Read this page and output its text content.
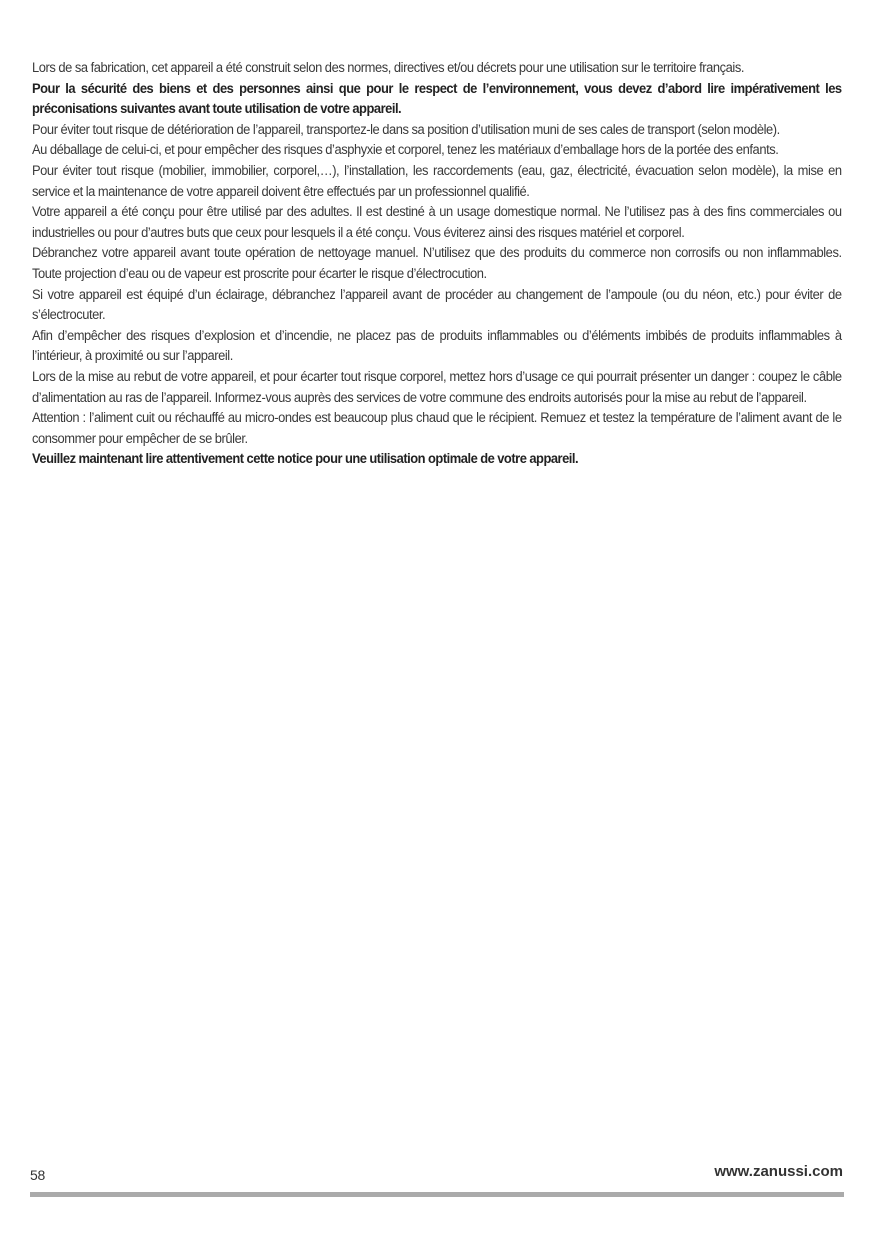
Lors de sa fabrication, cet appareil a été construit selon des normes, directives et/ou décrets pour une utilisation sur le territoire français.

Pour la sécurité des biens et des personnes ainsi que pour le respect de l’environnement, vous devez d’abord lire impérativement les préconisations suivantes avant toute utilisation de votre appareil.

Pour éviter tout risque de détérioration de l’appareil, transportez-le dans sa position d’utilisation muni de ses cales de transport (selon modèle).

Au déballage de celui-ci, et pour empêcher des risques d’asphyxie et corporel, tenez les matériaux d’emballage hors de la portée des enfants.

Pour éviter tout risque (mobilier, immobilier, corporel,…), l’installation, les raccordements (eau, gaz, électricité, évacuation selon modèle), la mise en service et la maintenance de votre appareil doivent être effectués par un professionnel qualifié.

Votre appareil a été conçu pour être utilisé par des adultes. Il est destiné à un usage domestique normal. Ne l’utilisez pas à des fins commerciales ou industrielles ou pour d’autres buts que ceux pour lesquels il a été conçu. Vous éviterez ainsi des risques matériel et corporel.

Débranchez votre appareil avant toute opération de nettoyage manuel. N’utilisez que des produits du commerce non corrosifs ou non inflammables. Toute projection d’eau ou de vapeur est proscrite pour écarter le risque d’électrocution.

Si votre appareil est équipé d’un éclairage, débranchez l’appareil avant de procéder au changement de l’ampoule (ou du néon, etc.) pour éviter de s’électrocuter.

Afin d’empêcher des risques d’explosion et d’incendie, ne placez pas de produits inflammables ou d’éléments imbibés de produits inflammables à l’intérieur, à proximité ou sur l’appareil.

Lors de la mise au rebut de votre appareil, et pour écarter tout risque corporel, mettez hors d’usage ce qui pourrait présenter un danger : coupez le câble d’alimentation au ras de l’appareil. Informez-vous auprès des services de votre commune des endroits autorisés pour la mise au rebut de l’appareil.

Attention : l’aliment cuit ou réchauffé au micro-ondes est beaucoup plus chaud que le récipient. Remuez et testez la température de l’aliment avant de le consommer pour empêcher de se brûler.

Veuillez maintenant lire attentivement cette notice pour une utilisation optimale de votre appareil.

58	www.zanussi.com
